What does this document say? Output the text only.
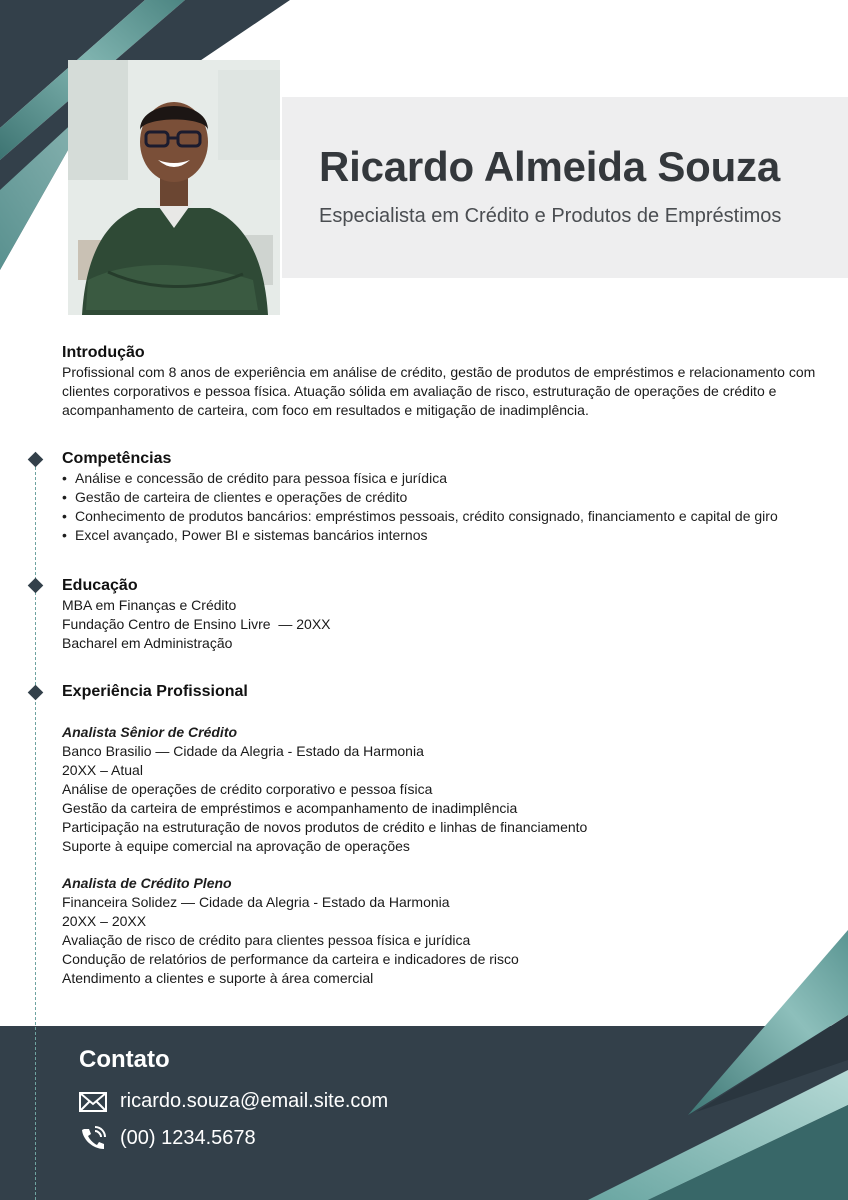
Ricardo Almeida Souza
Especialista em Crédito e Produtos de Empréstimos
Introdução
Profissional com 8 anos de experiência em análise de crédito, gestão de produtos de empréstimos e relacionamento com clientes corporativos e pessoa física. Atuação sólida em avaliação de risco, estruturação de operações de crédito e acompanhamento de carteira, com foco em resultados e mitigação de inadimplência.
Competências
• Análise e concessão de crédito para pessoa física e jurídica
• Gestão de carteira de clientes e operações de crédito
• Conhecimento de produtos bancários: empréstimos pessoais, crédito consignado, financiamento e capital de giro
• Excel avançado, Power BI e sistemas bancários internos
Educação
MBA em Finanças e Crédito
Fundação Centro de Ensino Livre  — 20XX
Bacharel em Administração
Experiência Profissional
Analista Sênior de Crédito
Banco Brasilio — Cidade da Alegria - Estado da Harmonia
20XX – Atual
Análise de operações de crédito corporativo e pessoa física
Gestão da carteira de empréstimos e acompanhamento de inadimplência
Participação na estruturação de novos produtos de crédito e linhas de financiamento
Suporte à equipe comercial na aprovação de operações
Analista de Crédito Pleno
Financeira Solidez — Cidade da Alegria - Estado da Harmonia
20XX – 20XX
Avaliação de risco de crédito para clientes pessoa física e jurídica
Condução de relatórios de performance da carteira e indicadores de risco
Atendimento a clientes e suporte à área comercial
Contato
ricardo.souza@email.site.com
(00) 1234.5678
